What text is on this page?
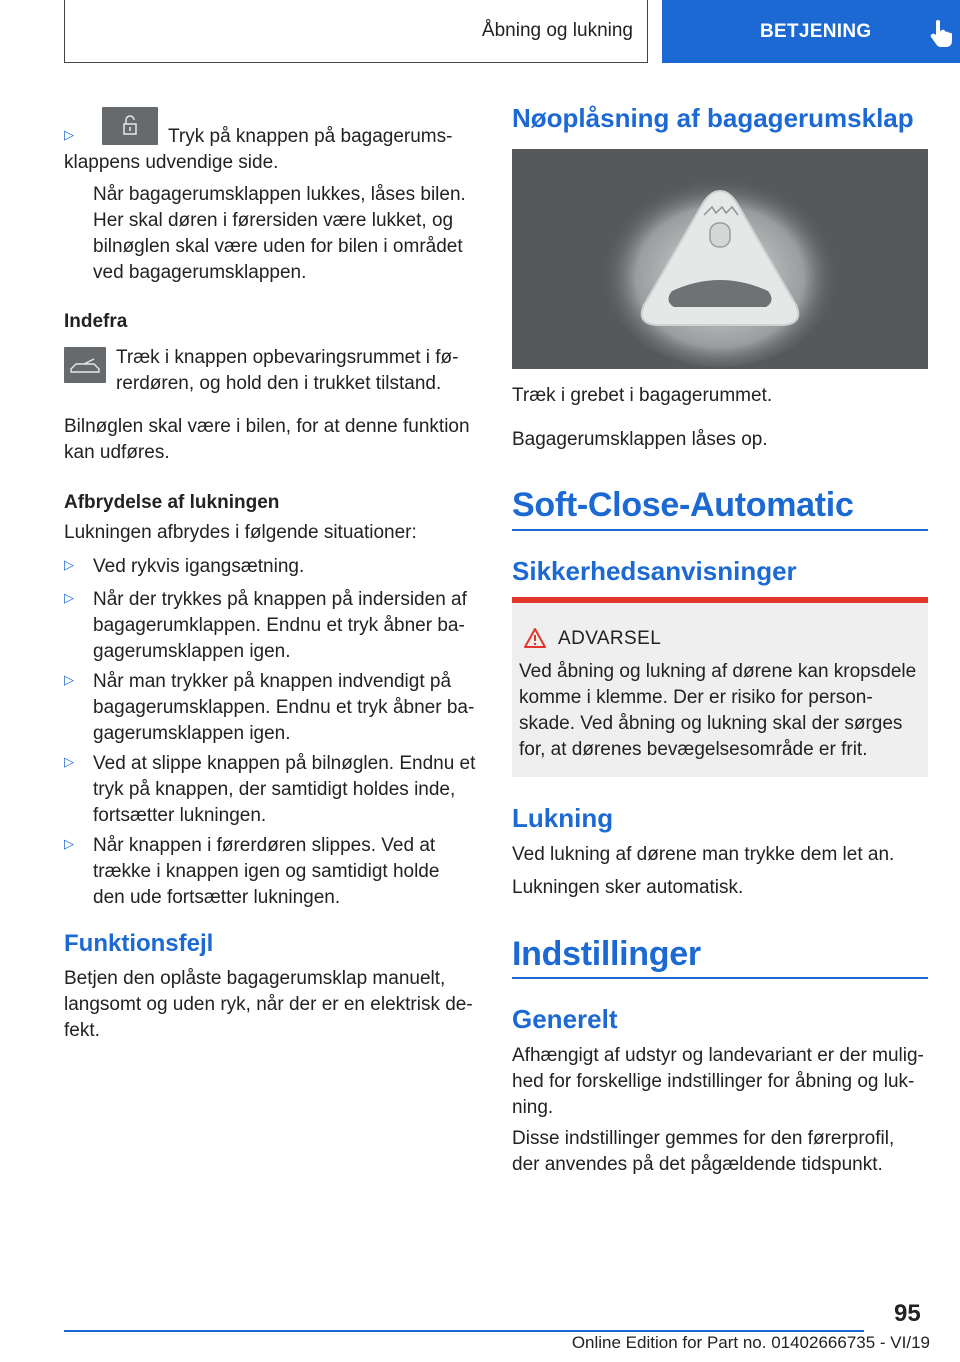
Åbning og lukning	BETJENING
▷	Tryk på knappen på bagagerums-

klappens udvendige side.

Når bagagerumsklappen lukkes, låses bilen.

Her skal døren i førersiden være lukket, og

bilnøglen skal være uden for bilen i området

ved bagagerumsklappen.

Indefra

Træk i knappen opbevaringsrummet i fø-

rerdøren, og hold den i trukket tilstand.

Bilnøglen skal være i bilen, for at denne funktion

kan udføres.

Afbrydelse af lukningen

Lukningen afbrydes i følgende situationer:

▷ Ved rykvis igangsætning.

▷ Når der trykkes på knappen på indersiden af

bagagerumklappen. Endnu et tryk åbner ba-

gagerumsklappen igen.

▷ Når man trykker på knappen indvendigt på

bagagerumsklappen. Endnu et tryk åbner ba-

gagerumsklappen igen.

▷ Ved at slippe knappen på bilnøglen. Endnu et

tryk på knappen, der samtidigt holdes inde,

fortsætter lukningen.

▷ Når knappen i førerdøren slippes. Ved at

trække i knappen igen og samtidigt holde

den ude fortsætter lukningen.

Funktionsfejl

Betjen den oplåste bagagerumsklap manuelt,

langsomt og uden ryk, når der er en elektrisk de-

fekt.

Nøoplåsning af bagagerumsklap

Træk i grebet i bagagerummet.

Bagagerumsklappen låses op.

Soft-Close-Automatic
Sikkerhedsanvisninger
ADVARSEL

Ved åbning og lukning af dørene kan kropsdele

komme i klemme. Der er risiko for person-

skade. Ved åbning og lukning skal der sørges

for, at dørenes bevægelsesområde er frit.

Lukning

Ved lukning af dørene man trykke dem let an.

Lukningen sker automatisk.

Indstillinger
Generelt

Afhængigt af udstyr og landevariant er der mulig-

hed for forskellige indstillinger for åbning og luk-

ning.

Disse indstillinger gemmes for den førerprofil,

der anvendes på det pågældende tidspunkt.

95
Online Edition for Part no. 01402666735 - VI/19
